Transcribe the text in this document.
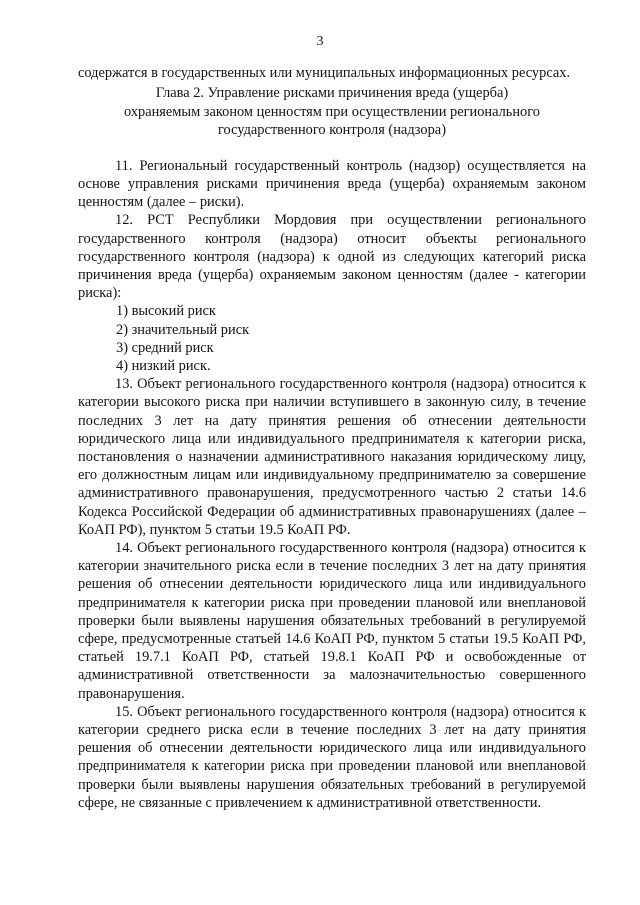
3

содержатся в государственных или муниципальных информационных ресурсах.

Глава 2. Управление рисками причинения вреда (ущерба)
охраняемым законом ценностям при осуществлении регионального
государственного контроля (надзора)

11. Региональный государственный контроль (надзор) осуществляется на основе управления рисками причинения вреда (ущерба) охраняемым законом ценностям (далее – риски).

12. РСТ Республики Мордовия при осуществлении регионального государственного контроля (надзора) относит объекты регионального государственного контроля (надзора) к одной из следующих категорий риска причинения вреда (ущерба) охраняемым законом ценностям (далее - категории риска):

1) высокий риск

2) значительный риск

3) средний риск

4) низкий риск.

13. Объект регионального государственного контроля (надзора) относится к категории высокого риска при наличии вступившего в законную силу, в течение последних 3 лет на дату принятия решения об отнесении деятельности юридического лица или индивидуального предпринимателя к категории риска, постановления о назначении административного наказания юридическому лицу, его должностным лицам или индивидуальному предпринимателю за совершение административного правонарушения, предусмотренного частью 2 статьи 14.6 Кодекса Российской Федерации об административных правонарушениях (далее – КоАП РФ), пунктом 5 статьи 19.5 КоАП РФ.

14. Объект регионального государственного контроля (надзора) относится к категории значительного риска если в течение последних 3 лет на дату принятия решения об отнесении деятельности юридического лица или индивидуального предпринимателя к категории риска при проведении плановой или внеплановой проверки были выявлены нарушения обязательных требований в регулируемой сфере, предусмотренные статьей 14.6 КоАП РФ, пунктом 5 статьи 19.5 КоАП РФ, статьей 19.7.1 КоАП РФ, статьей 19.8.1 КоАП РФ и освобожденные от административной ответственности за малозначительностью совершенного правонарушения.

15. Объект регионального государственного контроля (надзора) относится к категории среднего риска если в течение последних 3 лет на дату принятия решения об отнесении деятельности юридического лица или индивидуального предпринимателя к категории риска при проведении плановой или внеплановой проверки были выявлены нарушения обязательных требований в регулируемой сфере, не связанные с привлечением к административной ответственности.
